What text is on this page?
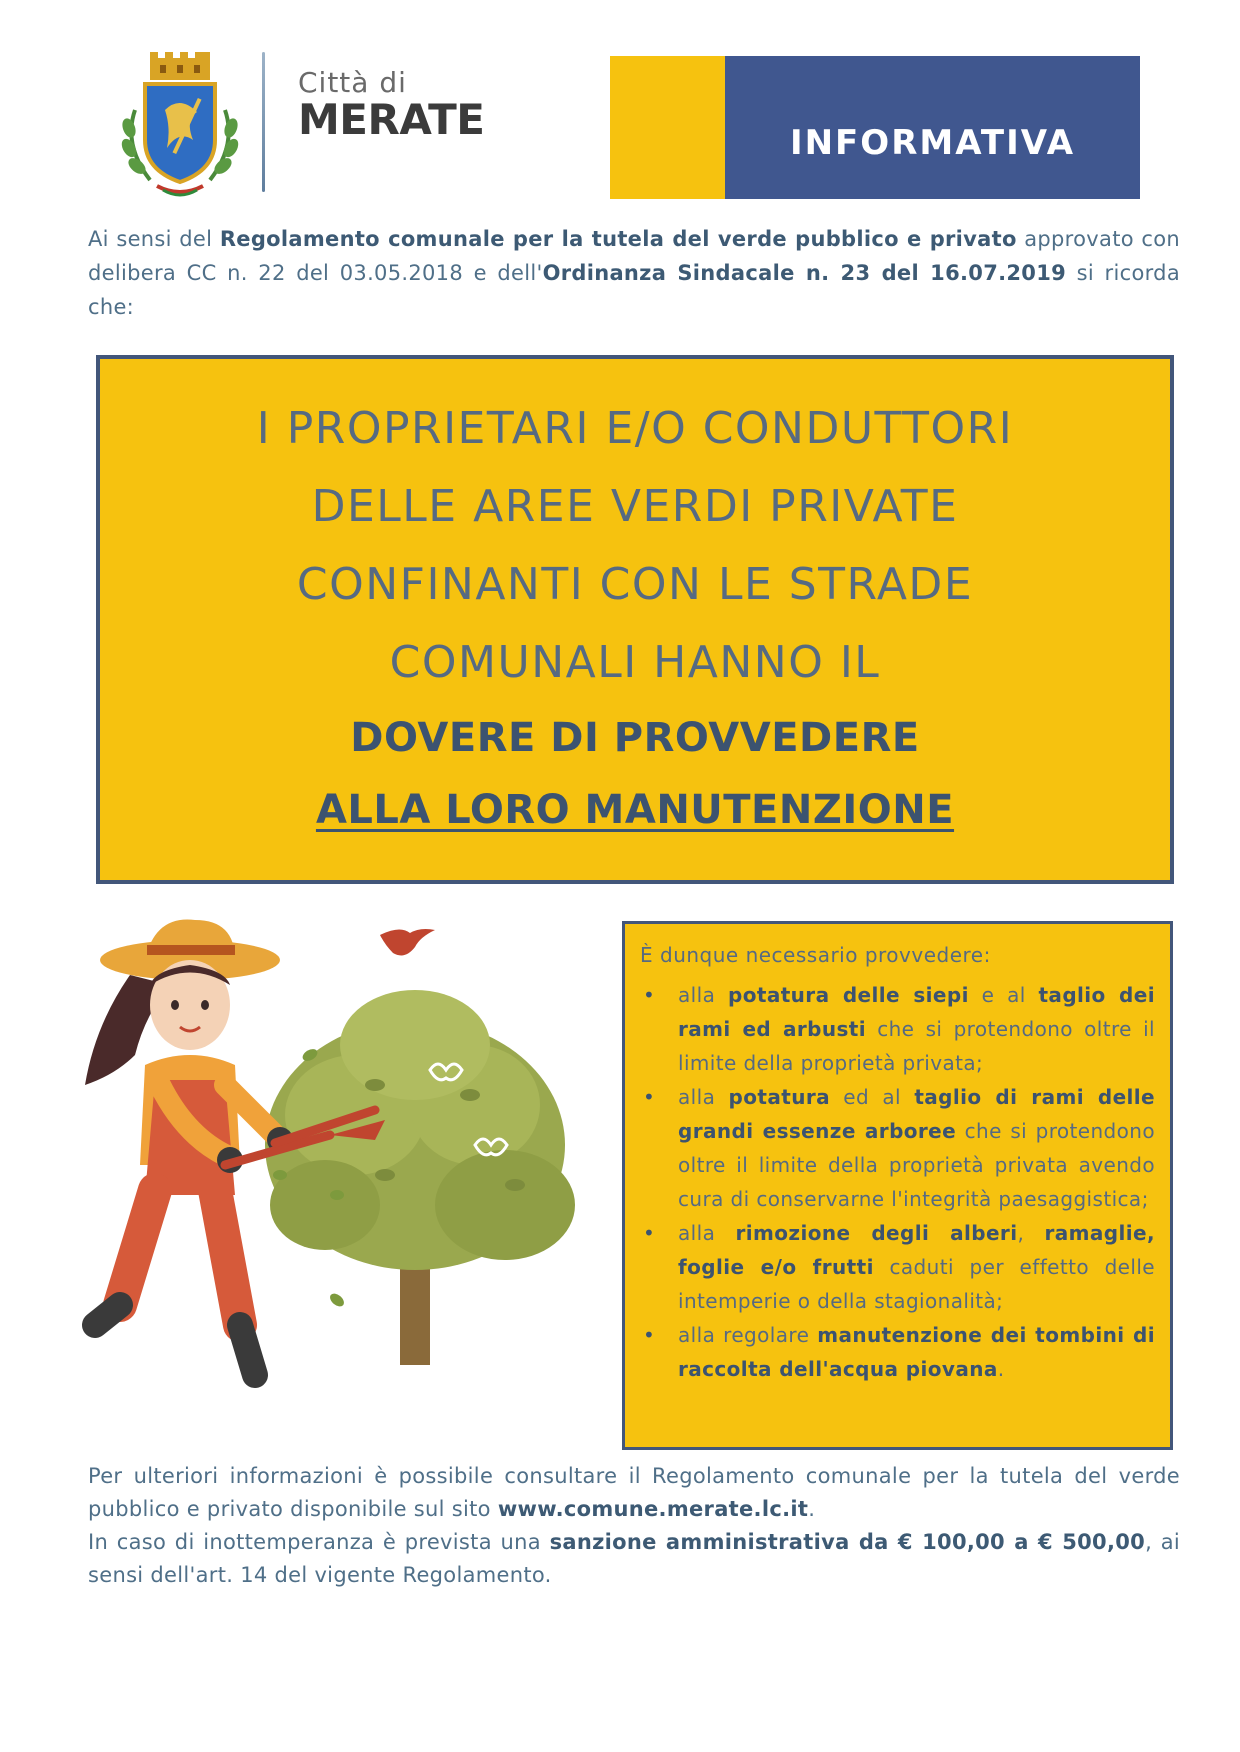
Città di
MERATE	INFORMATIVA
Ai sensi del Regolamento comunale per la tutela del verde pubblico e privato approvato con delibera CC n. 22 del 03.05.2018 e dell'Ordinanza Sindacale n. 23 del 16.07.2019 si ricorda che:
I PROPRIETARI E/O CONDUTTORI
DELLE AREE VERDI PRIVATE
CONFINANTI CON LE STRADE
COMUNALI HANNO IL
DOVERE DI PROVVEDERE
ALLA LORO MANUTENZIONE
È dunque necessario provvedere:
• alla potatura delle siepi e al taglio dei rami ed arbusti che si protendono oltre il limite della proprietà privata;
• alla potatura ed al taglio di rami delle grandi essenze arboree che si protendono oltre il limite della proprietà privata avendo cura di conservarne l'integrità paesaggistica;
• alla rimozione degli alberi, ramaglie, foglie e/o frutti caduti per effetto delle intemperie o della stagionalità;
• alla regolare manutenzione dei tombini di raccolta dell'acqua piovana.
Per ulteriori informazioni è possibile consultare il Regolamento comunale per la tutela del verde pubblico e privato disponibile sul sito www.comune.merate.lc.it.
In caso di inottemperanza è prevista una sanzione amministrativa da € 100,00 a € 500,00, ai sensi dell'art. 14 del vigente Regolamento.
